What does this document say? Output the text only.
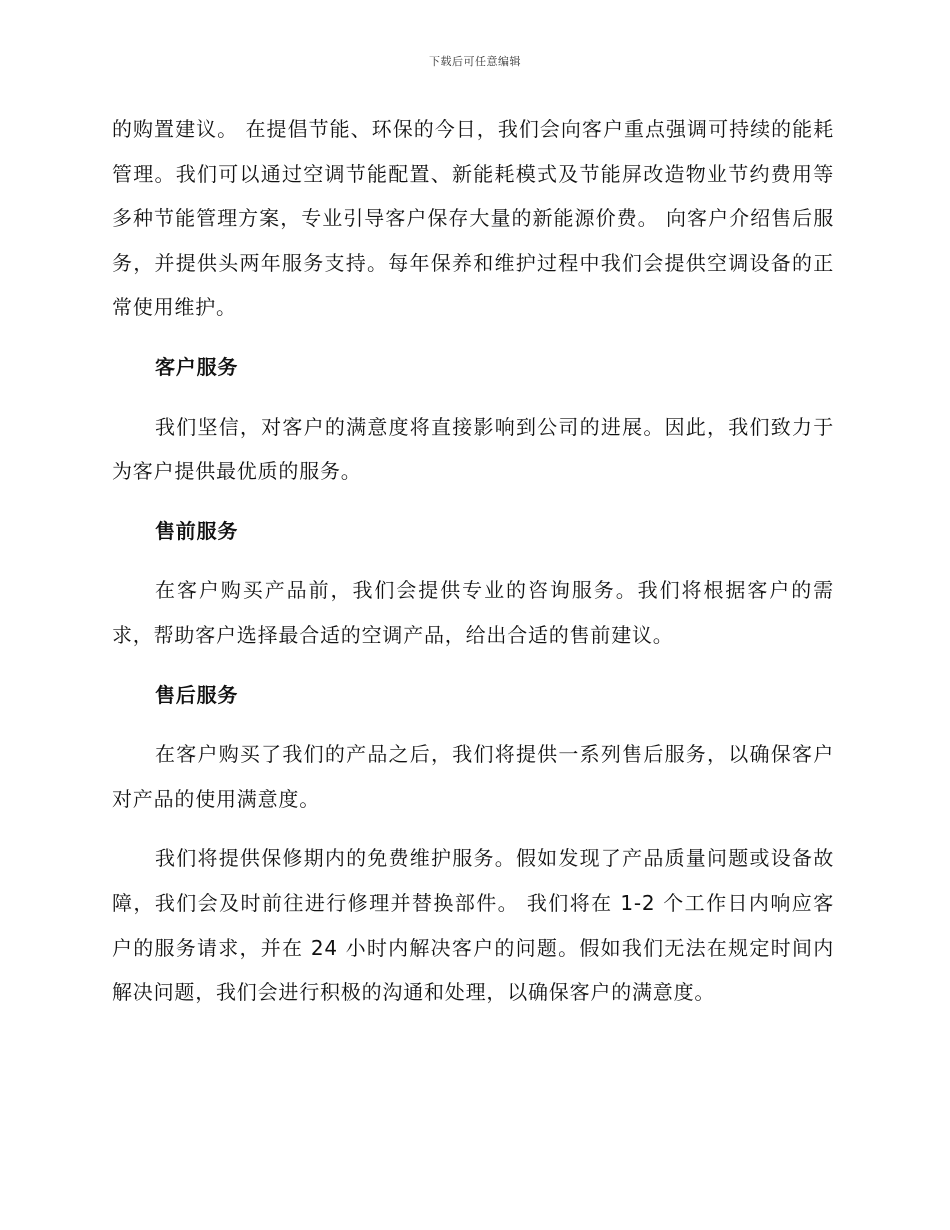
下载后可任意编辑

的购置建议。 在提倡节能、环保的今日，我们会向客户重点强调可持续的能耗管理。我们可以通过空调节能配置、新能耗模式及节能屏改造物业节约费用等多种节能管理方案，专业引导客户保存大量的新能源价费。 向客户介绍售后服务，并提供头两年服务支持。每年保养和维护过程中我们会提供空调设备的正常使用维护。

客户服务

我们坚信，对客户的满意度将直接影响到公司的进展。因此，我们致力于为客户提供最优质的服务。

售前服务

在客户购买产品前，我们会提供专业的咨询服务。我们将根据客户的需求，帮助客户选择最合适的空调产品，给出合适的售前建议。

售后服务

在客户购买了我们的产品之后，我们将提供一系列售后服务，以确保客户对产品的使用满意度。

我们将提供保修期内的免费维护服务。假如发现了产品质量问题或设备故障，我们会及时前往进行修理并替换部件。 我们将在 1-2 个工作日内响应客户的服务请求，并在 24 小时内解决客户的问题。假如我们无法在规定时间内解决问题，我们会进行积极的沟通和处理，以确保客户的满意度。
